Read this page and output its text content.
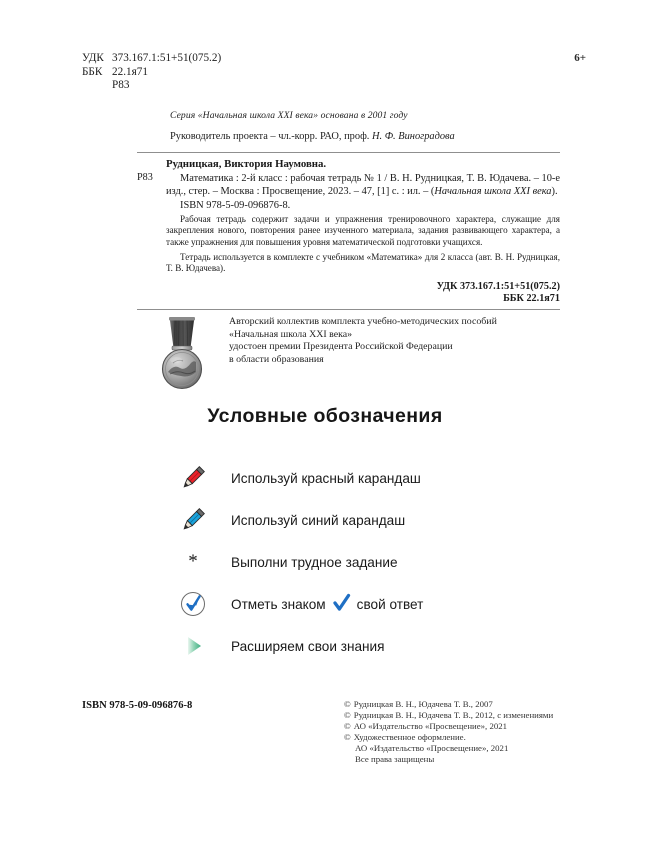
УДК 373.167.1:51+51(075.2)
ББК 22.1я71
Р83
6+
Серия «Начальная школа XXI века» основана в 2001 году
Руководитель проекта – чл.-корр. РАО, проф. Н. Ф. Виноградова
Р83
Рудницкая, Виктория Наумовна.
Математика : 2-й класс : рабочая тетрадь № 1 / В. Н. Рудницкая, Т. В. Юдачева. – 10-е изд., стер. – Москва : Просвещение, 2023. – 47, [1] с. : ил. – (Начальная школа XXI века).
ISBN 978-5-09-096876-8.
Рабочая тетрадь содержит задачи и упражнения тренировочного характера, служащие для закрепления нового, повторения ранее изученного материала, задания развивающего характера, а также упражнения для повышения уровня математической подготовки учащихся.
Тетрадь используется в комплекте с учебником «Математика» для 2 класса (авт. В. Н. Рудницкая, Т. В. Юдачева).
УДК 373.167.1:51+51(075.2)
ББК 22.1я71
Авторский коллектив комплекта учебно-методических пособий
«Начальная школа XXI века»
удостоен премии Президента Российской Федерации
в области образования
Условные обозначения
Используй красный карандаш
Используй синий карандаш
*	Выполни трудное задание
Отметь знаком свой ответ
Расширяем свои знания
ISBN 978-5-09-096876-8	© Рудницкая В. Н., Юдачева Т. В., 2007
© Рудницкая В. Н., Юдачева Т. В., 2012, с изменениями
© АО «Издательство «Просвещение», 2021
© Художественное оформление.
АО «Издательство «Просвещение», 2021
Все права защищены
